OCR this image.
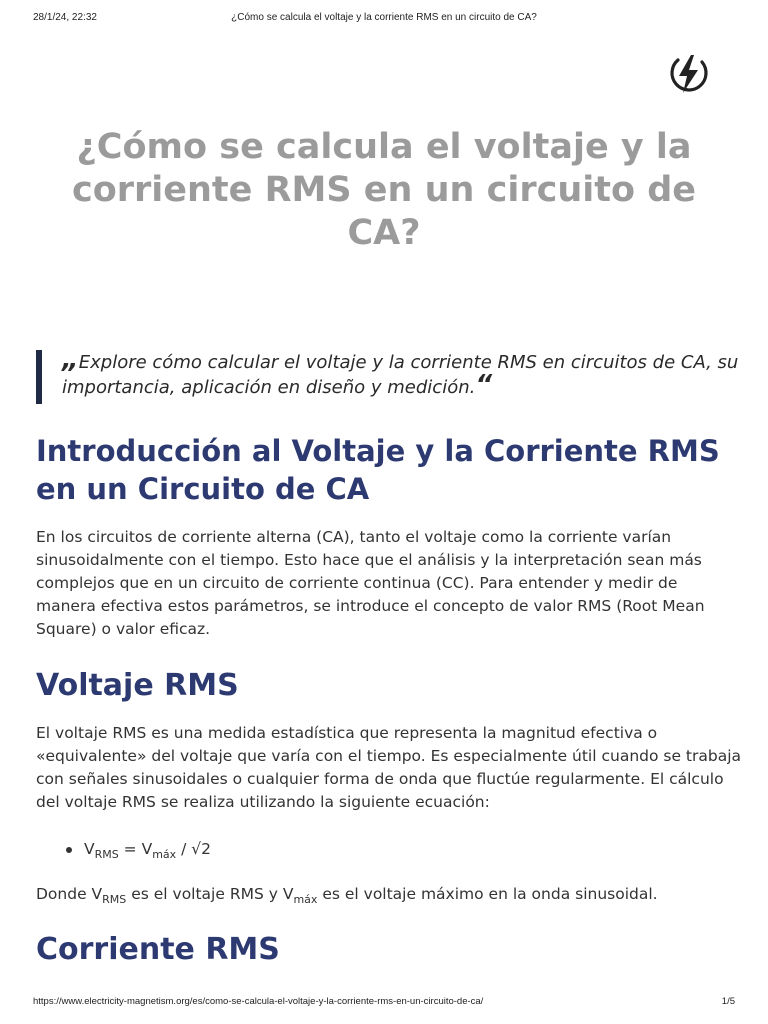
28/1/24, 22:32	¿Cómo se calcula el voltaje y la corriente RMS en un circuito de CA?
¿Cómo se calcula el voltaje y la corriente RMS en un circuito de CA?

„Explore cómo calcular el voltaje y la corriente RMS en circuitos de CA, su importancia, aplicación en diseño y medición.“

Introducción al Voltaje y la Corriente RMS en un Circuito de CA

En los circuitos de corriente alterna (CA), tanto el voltaje como la corriente varían sinusoidalmente con el tiempo. Esto hace que el análisis y la interpretación sean más complejos que en un circuito de corriente continua (CC). Para entender y medir de manera efectiva estos parámetros, se introduce el concepto de valor RMS (Root Mean Square) o valor eficaz.

Voltaje RMS

El voltaje RMS es una medida estadística que representa la magnitud efectiva o «equivalente» del voltaje que varía con el tiempo. Es especialmente útil cuando se trabaja con señales sinusoidales o cualquier forma de onda que fluctúe regularmente. El cálculo del voltaje RMS se realiza utilizando la siguiente ecuación:

$V_{RMS} = V_{máx} / √2$

Donde $V_{RMS}$ es el voltaje RMS y $V_{máx}$ es el voltaje máximo en la onda sinusoidal.

Corriente RMS
https://www.electricity-magnetism.org/es/como-se-calcula-el-voltaje-y-la-corriente-rms-en-un-circuito-de-ca/	1/5
